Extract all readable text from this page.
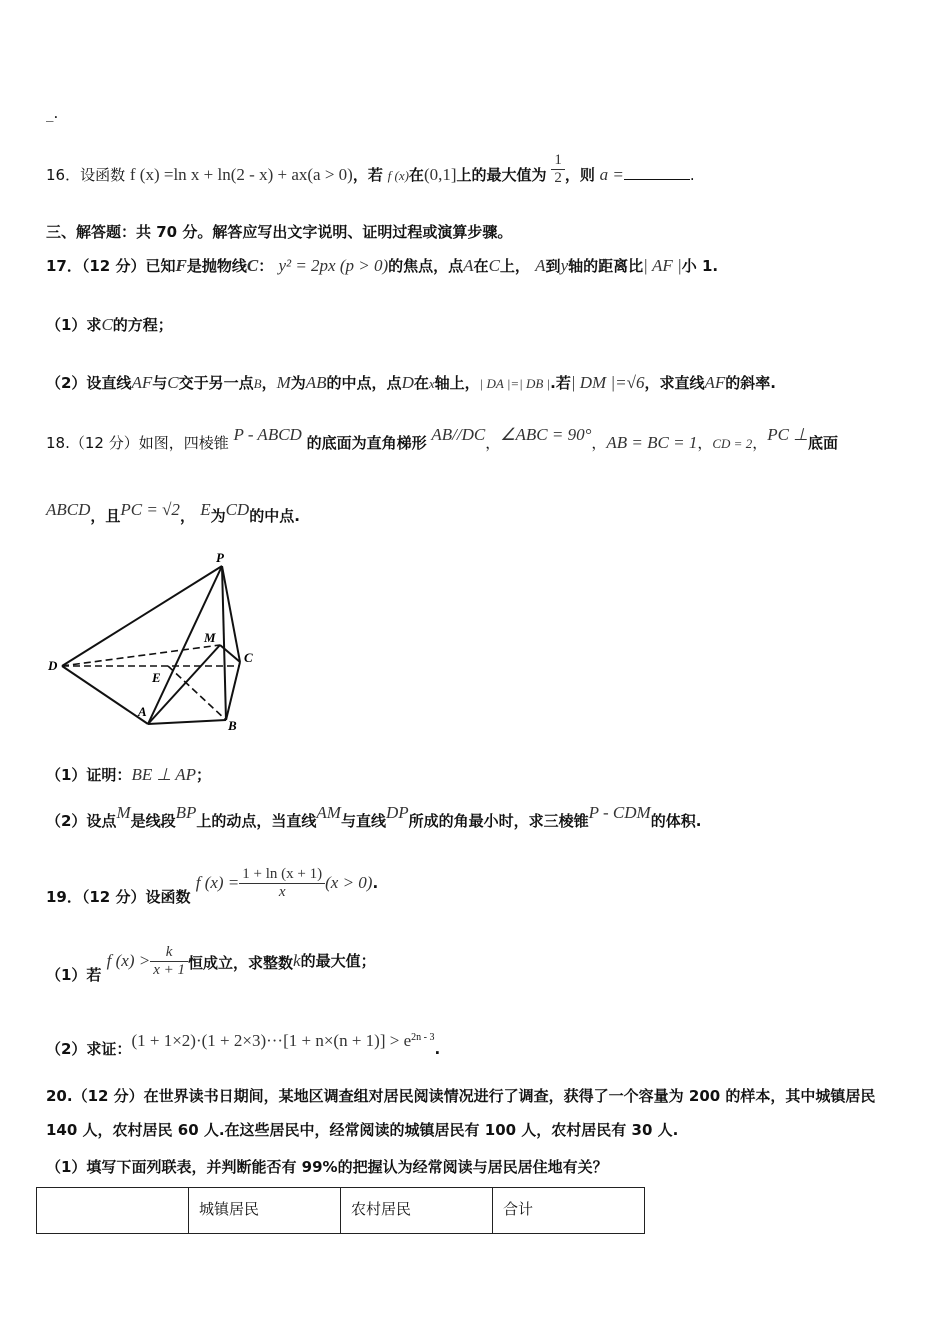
_.
16．设函数 f (x) =ln x + ln(2 - x) + ax(a > 0)，若 f (x)在(0,1]上的最大值为 $\frac{1}{2}$ ，则 a =	.
三、解答题：共 70 分。解答应写出文字说明、证明过程或演算步骤。
17．（12 分）已知F是抛物线C： y² = 2px (p > 0)的焦点，点A在C上， A到y轴的距离比| AF |小 1.
（1）求C的方程；
（2）设直线AF与C交于另一点B，M为AB的中点，点D在x轴上，| DA |=| DB |.若| DM |=√6，求直线AF的斜率.
18.（12 分）如图，四棱锥 P - ABCD 的底面为直角梯形 AB//DC，∠ABC = 90°，AB = BC = 1，CD = 2，PC ⊥底面
ABCD，且PC = √2， E为CD的中点.
P
M
D
C
E
A
B
（1）证明：BE ⊥ AP；
（2）设点M是线段BP上的动点，当直线AM与直线DP所成的角最小时，求三棱锥P - CDM的体积.
19．（12 分）设函数 f $(x) = \frac{1 + \ln (x + 1)}{x} (x > 0)$.
（1）若 f $(x) > \frac{k}{x + 1}$ 恒成立，求整数k的最大值；
（2）求证：$(1 + 1\times 2)\cdot(1 + 2\times 3)\cdot\cdot\cdot[1 + n\times(n + 1)] > e^{2n - 3}$.
20.（12 分）在世界读书日期间，某地区调查组对居民阅读情况进行了调查，获得了一个容量为 200 的样本，其中城镇居民 140 人，农村居民 60 人.在这些居民中，经常阅读的城镇居民有 100 人，农村居民有 30 人.
（1）填写下面列联表，并判断能否有 99%的把握认为经常阅读与居民居住地有关？
	城镇居民	农村居民	合计
